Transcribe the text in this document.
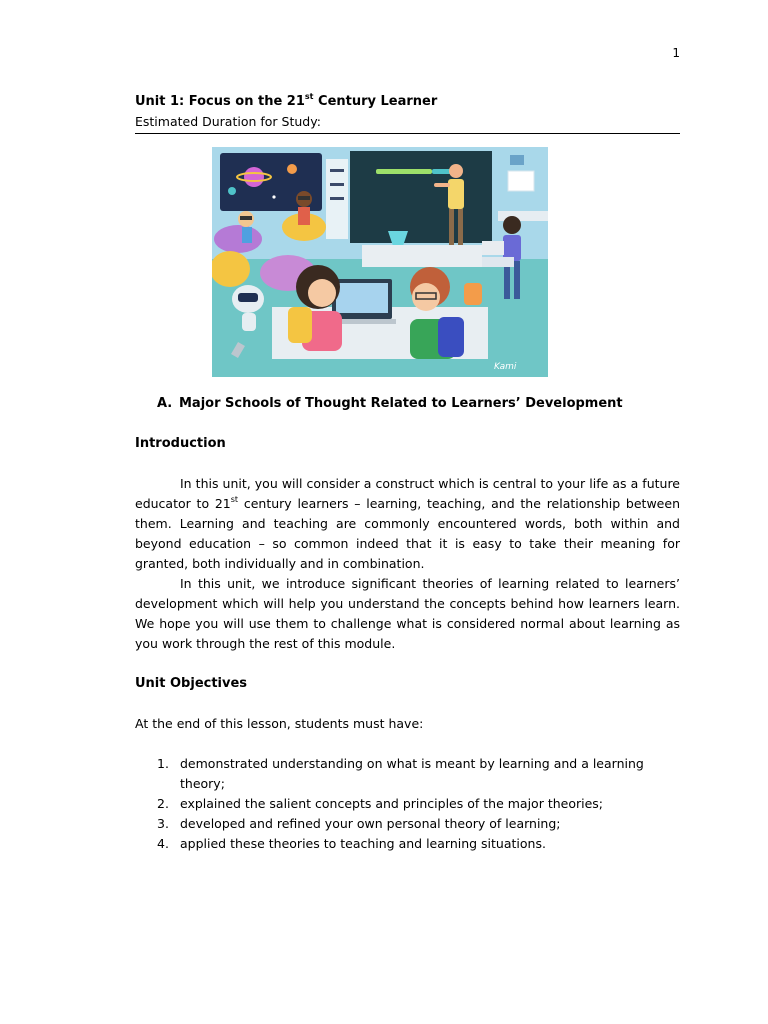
1

Unit 1: Focus on the 21st Century Learner

Estimated Duration for Study:

Kami
A. Major Schools of Thought Related to Learners’ Development
Introduction

In this unit, you will consider a construct which is central to your life as a future educator to 21st century learners – learning, teaching, and the relationship between them. Learning and teaching are commonly encountered words, both within and beyond education – so common indeed that it is easy to take their meaning for granted, both individually and in combination.

In this unit, we introduce significant theories of learning related to learners’ development which will help you understand the concepts behind how learners learn. We hope you will use them to challenge what is considered normal about learning as you work through the rest of this module.

Unit Objectives

At the end of this lesson, students must have:

1. demonstrated understanding on what is meant by learning and a learning theory;
2. explained the salient concepts and principles of the major theories;
3. developed and refined your own personal theory of learning;
4. applied these theories to teaching and learning situations.
